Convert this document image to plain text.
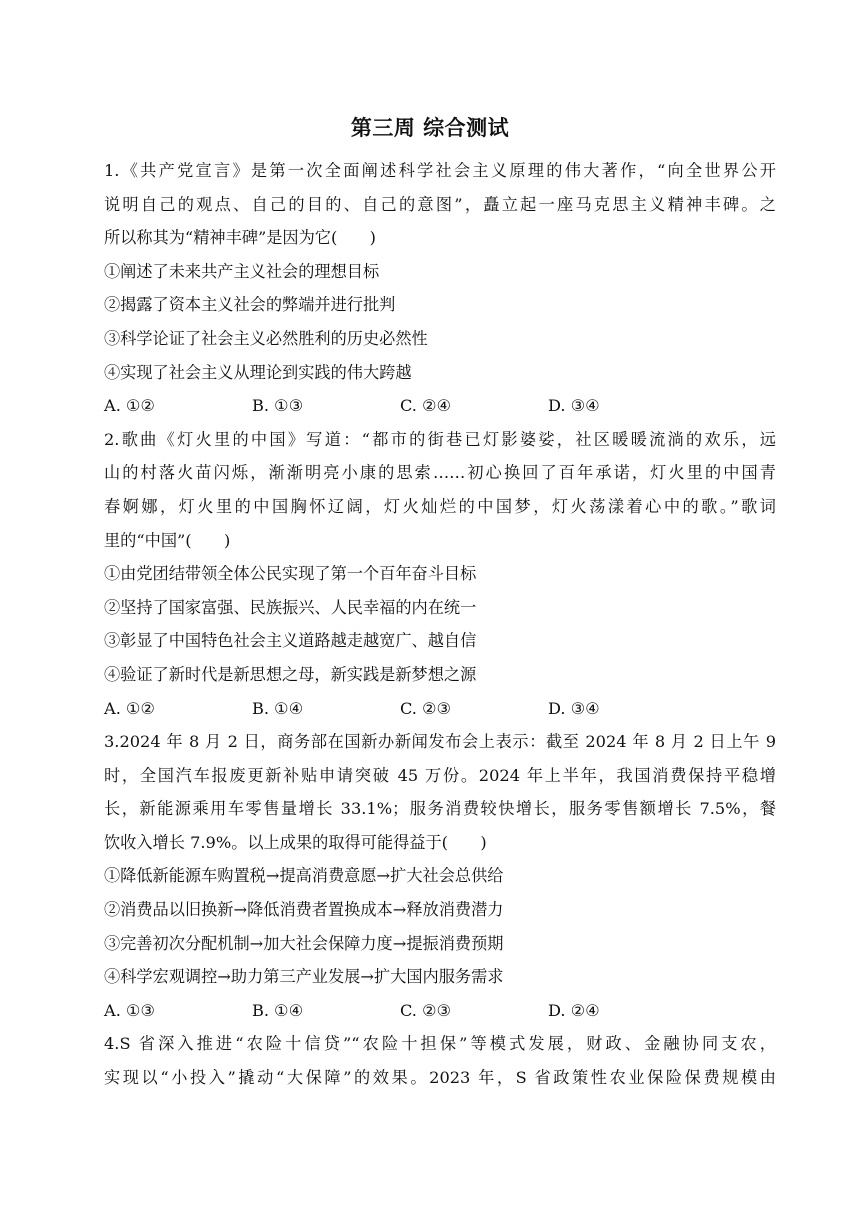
第三周 综合测试
1.《共产党宣言》是第一次全面阐述科学社会主义原理的伟大著作，“向全世界公开
说明自己的观点、自己的目的、自己的意图”，矗立起一座马克思主义精神丰碑。之
所以称其为“精神丰碑”是因为它(　　)
①阐述了未来共产主义社会的理想目标
②揭露了资本主义社会的弊端并进行批判
③科学论证了社会主义必然胜利的历史必然性
④实现了社会主义从理论到实践的伟大跨越
A. ①②	B. ①③	C. ②④	D. ③④
2.歌曲《灯火里的中国》写道：“都市的街巷已灯影婆娑，社区暖暖流淌的欢乐，远
山的村落火苗闪烁，渐渐明亮小康的思索……初心换回了百年承诺，灯火里的中国青
春婀娜，灯火里的中国胸怀辽阔，灯火灿烂的中国梦，灯火荡漾着心中的歌。”歌词
里的“中国”(　　)
①由党团结带领全体公民实现了第一个百年奋斗目标
②坚持了国家富强、民族振兴、人民幸福的内在统一
③彰显了中国特色社会主义道路越走越宽广、越自信
④验证了新时代是新思想之母，新实践是新梦想之源
A. ①②	B. ①④	C. ②③	D. ③④
3.2024 年 8 月 2 日，商务部在国新办新闻发布会上表示：截至 2024 年 8 月 2 日上午 9
时，全国汽车报废更新补贴申请突破 45 万份。2024 年上半年，我国消费保持平稳增
长，新能源乘用车零售量增长 33.1%；服务消费较快增长，服务零售额增长 7.5%，餐
饮收入增长 7.9%。以上成果的取得可能得益于(　　)
①降低新能源车购置税→提高消费意愿→扩大社会总供给
②消费品以旧换新→降低消费者置换成本→释放消费潜力
③完善初次分配机制→加大社会保障力度→提振消费预期
④科学宏观调控→助力第三产业发展→扩大国内服务需求
A. ①③	B. ①④	C. ②③	D. ②④
4.S 省深入推进“农险十信贷”“农险十担保”等模式发展，财政、金融协同支农，
实现以“小投入”撬动“大保障”的效果。2023 年，S 省政策性农业保险保费规模由
